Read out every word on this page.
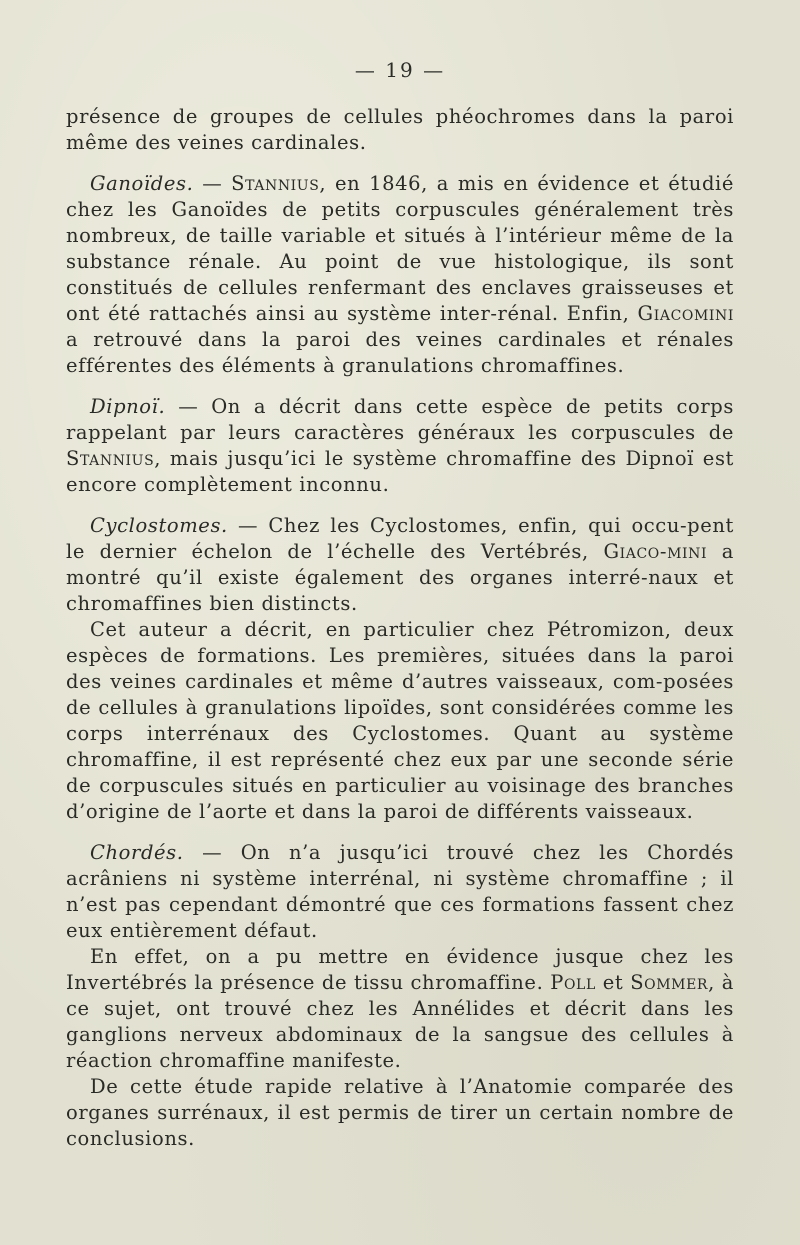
— 19 —

présence de groupes de cellules phéochromes dans la paroi même des veines cardinales.

Ganoïdes. — Stannius, en 1846, a mis en évidence et étudié chez les Ganoïdes de petits corpuscules généralement très nombreux, de taille variable et situés à l’intérieur même de la substance rénale. Au point de vue histologique, ils sont constitués de cellules renfermant des enclaves graisseuses et ont été rattachés ainsi au système inter-rénal. Enfin, Giacomini a retrouvé dans la paroi des veines cardinales et rénales efférentes des éléments à granulations chromaffines.

Dipnoï. — On a décrit dans cette espèce de petits corps rappelant par leurs caractères généraux les corpuscules de Stannius, mais jusqu’ici le système chromaffine des Dipnoï est encore complètement inconnu.

Cyclostomes. — Chez les Cyclostomes, enfin, qui occu-pent le dernier échelon de l’échelle des Vertébrés, Giaco-mini a montré qu’il existe également des organes interré-naux et chromaffines bien distincts.

Cet auteur a décrit, en particulier chez Pétromizon, deux espèces de formations. Les premières, situées dans la paroi des veines cardinales et même d’autres vaisseaux, com-posées de cellules à granulations lipoïdes, sont considérées comme les corps interrénaux des Cyclostomes. Quant au système chromaffine, il est représenté chez eux par une seconde série de corpuscules situés en particulier au voisinage des branches d’origine de l’aorte et dans la paroi de différents vaisseaux.

Chordés. — On n’a jusqu’ici trouvé chez les Chordés acrâniens ni système interrénal, ni système chromaffine ; il n’est pas cependant démontré que ces formations fassent chez eux entièrement défaut.

En effet, on a pu mettre en évidence jusque chez les Invertébrés la présence de tissu chromaffine. Poll et Sommer, à ce sujet, ont trouvé chez les Annélides et décrit dans les ganglions nerveux abdominaux de la sangsue des cellules à réaction chromaffine manifeste.

De cette étude rapide relative à l’Anatomie comparée des organes surrénaux, il est permis de tirer un certain nombre de conclusions.
